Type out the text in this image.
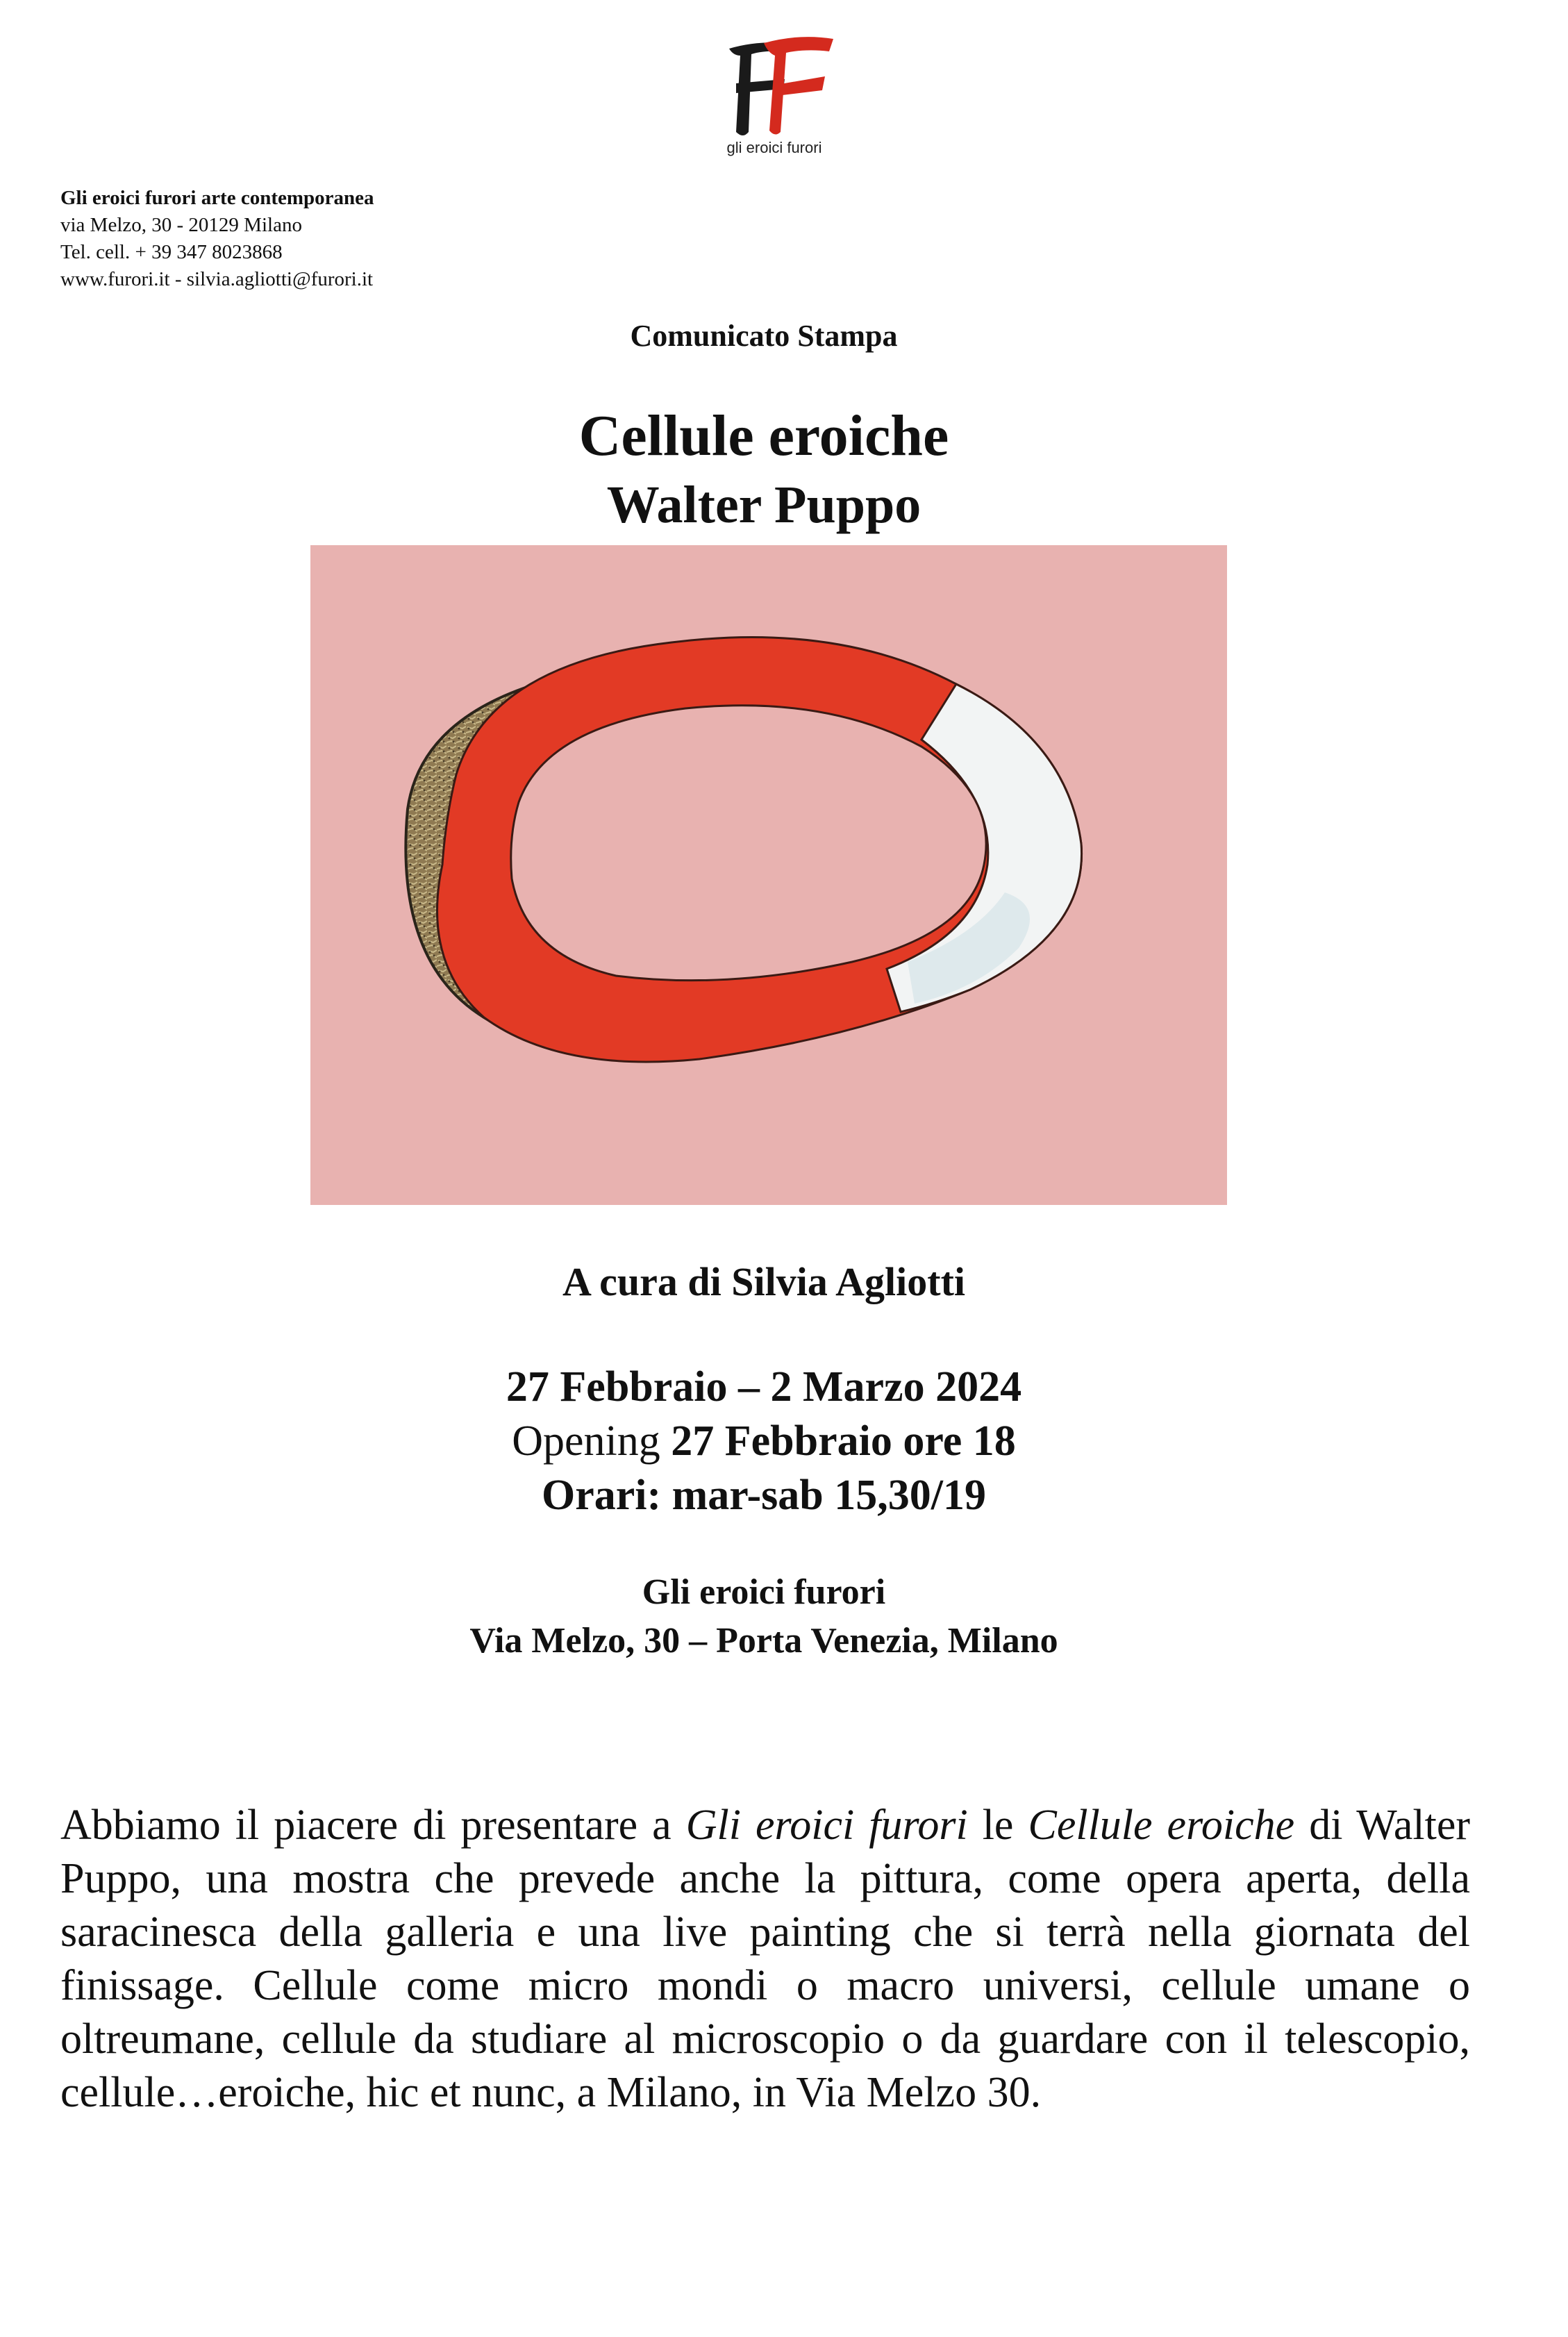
gli eroici furori
Gli eroici furori arte contemporanea
via Melzo, 30 - 20129 Milano
Tel. cell. + 39 347 8023868
www.furori.it - silvia.agliotti@furori.it
Comunicato Stampa
Cellule eroiche
Walter Puppo
A cura di Silvia Agliotti
27 Febbraio – 2 Marzo 2024
Opening 27 Febbraio ore 18
Orari: mar-sab 15,30/19
Gli eroici furori
Via Melzo, 30 – Porta Venezia, Milano
Abbiamo il piacere di presentare a Gli eroici furori le Cellule eroiche di Walter Puppo, una mostra che prevede anche la pittura, come opera aperta, della saracinesca della galleria e una live painting che si terrà nella giornata del finissage. Cellule come micro mondi o macro universi, cellule umane o oltreumane, cellule da studiare al microscopio o da guardare con il telescopio, cellule…eroiche, hic et nunc, a Milano, in Via Melzo 30.
